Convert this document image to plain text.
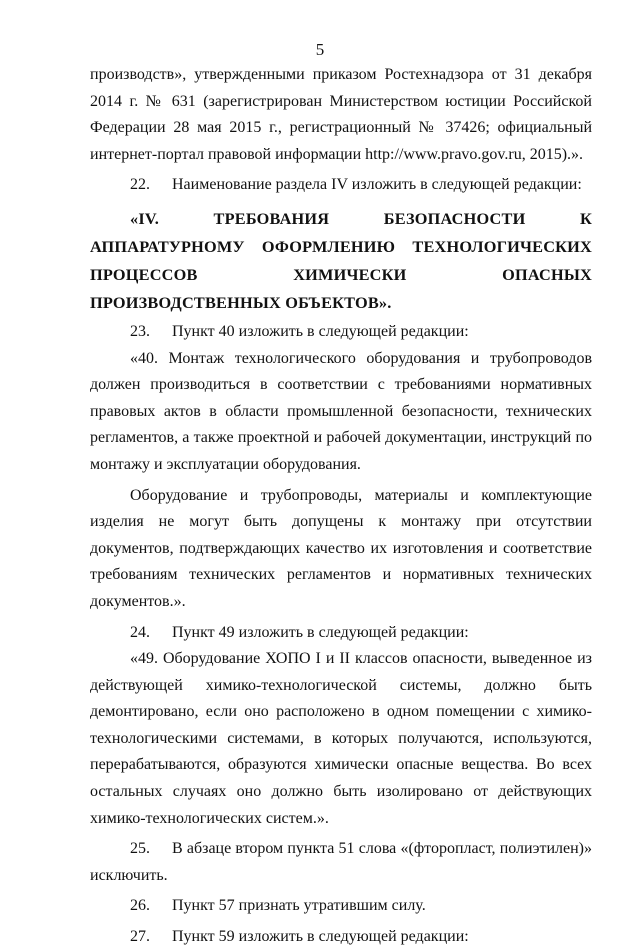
5

производств», утвержденными приказом Ростехнадзора от 31 декабря 2014 г. № 631 (зарегистрирован Министерством юстиции Российской Федерации 28 мая 2015 г., регистрационный № 37426; официальный интернет-портал правовой информации http://www.pravo.gov.ru, 2015).».

22. Наименование раздела IV изложить в следующей редакции:

«IV. ТРЕБОВАНИЯ БЕЗОПАСНОСТИ К АППАРАТУРНОМУ ОФОРМЛЕНИЮ ТЕХНОЛОГИЧЕСКИХ ПРОЦЕССОВ ХИМИЧЕСКИ ОПАСНЫХ ПРОИЗВОДСТВЕННЫХ ОБЪЕКТОВ».

23. Пункт 40 изложить в следующей редакции:

«40. Монтаж технологического оборудования и трубопроводов должен производиться в соответствии с требованиями нормативных правовых актов в области промышленной безопасности, технических регламентов, а также проектной и рабочей документации, инструкций по монтажу и эксплуатации оборудования.

Оборудование и трубопроводы, материалы и комплектующие изделия не могут быть допущены к монтажу при отсутствии документов, подтверждающих качество их изготовления и соответствие требованиям технических регламентов и нормативных технических документов.».

24. Пункт 49 изложить в следующей редакции:

«49. Оборудование ХОПО I и II классов опасности, выведенное из действующей химико-технологической системы, должно быть демонтировано, если оно расположено в одном помещении с химико-технологическими системами, в которых получаются, используются, перерабатываются, образуются химически опасные вещества. Во всех остальных случаях оно должно быть изолировано от действующих химико-технологических систем.».

25. В абзаце втором пункта 51 слова «(фторопласт, полиэтилен)» исключить.

26. Пункт 57 признать утратившим силу.

27. Пункт 59 изложить в следующей редакции:
